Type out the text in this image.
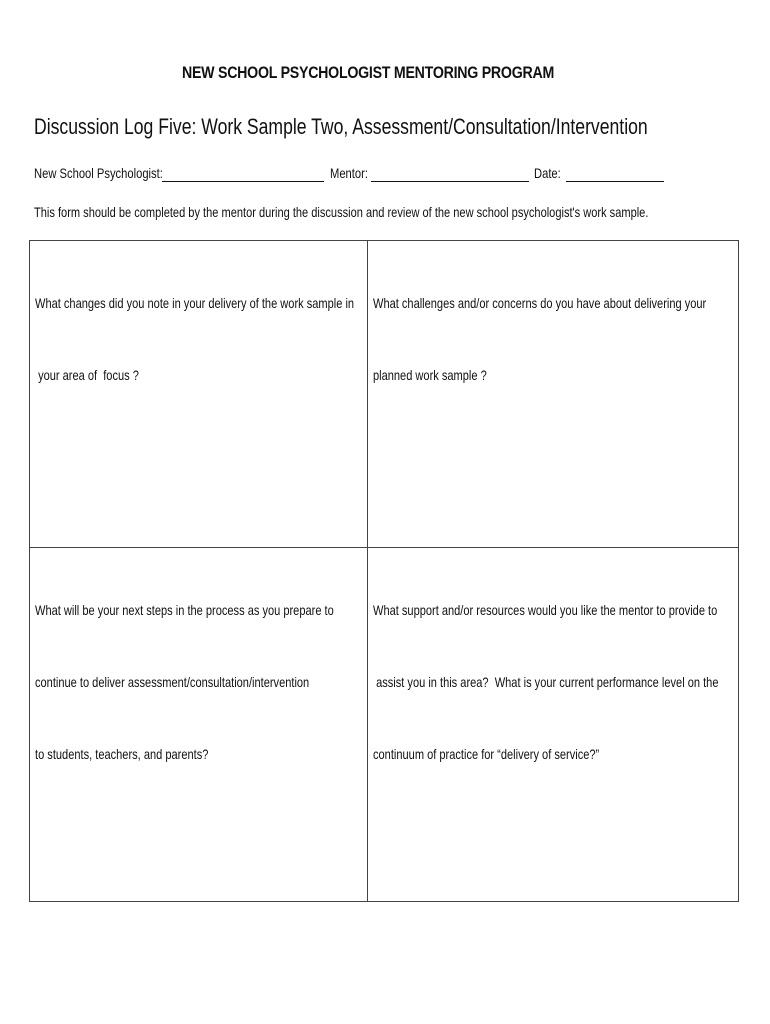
NEW SCHOOL PSYCHOLOGIST MENTORING PROGRAM
Discussion Log Five: Work Sample Two, Assessment/Consultation/Intervention
New School Psychologist:	Mentor:	Date:
This form should be completed by the mentor during the discussion and review of the new school psychologist's work sample.

What changes did you note in your delivery of the work sample in

your area of  focus ?

What challenges and/or concerns do you have about delivering your

planned work sample ?

What will be your next steps in the process as you prepare to

continue to deliver assessment/consultation/intervention

to students, teachers, and parents?

What support and/or resources would you like the mentor to provide to

assist you in this area?  What is your current performance level on the

continuum of practice for “delivery of service?”
